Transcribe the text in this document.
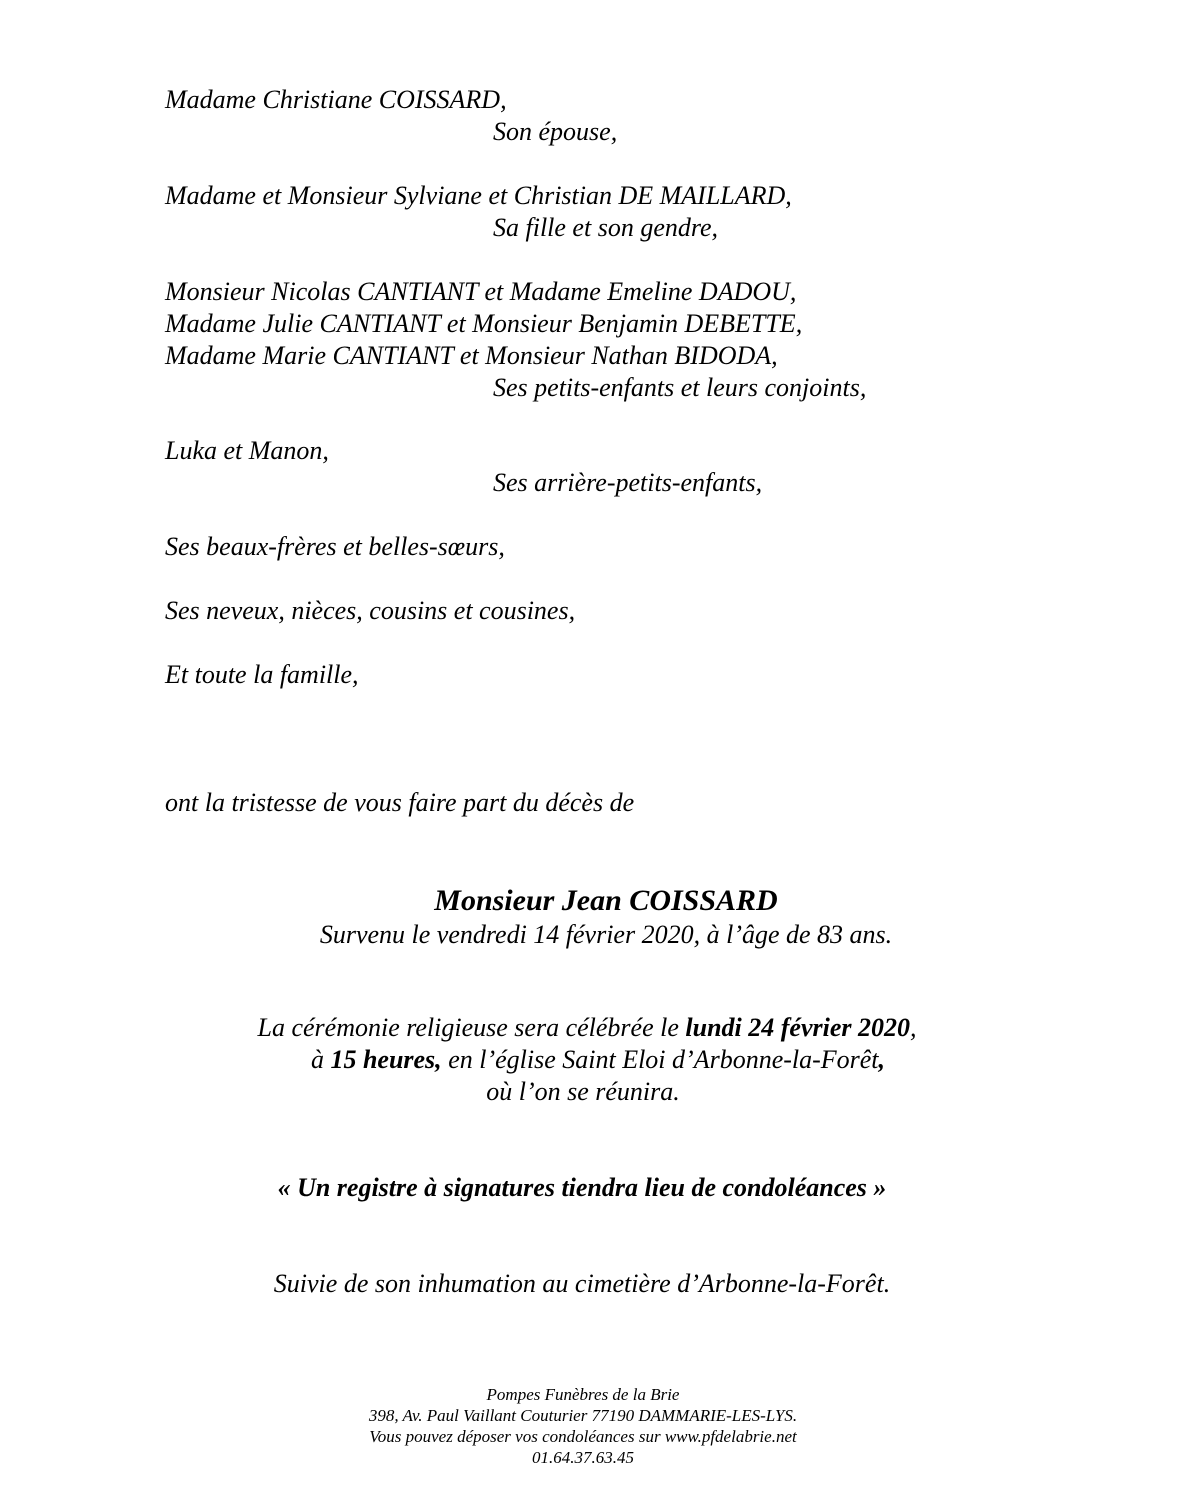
Madame Christiane COISSARD,
Son épouse,
Madame et Monsieur Sylviane et Christian DE MAILLARD,
Sa fille et son gendre,
Monsieur Nicolas CANTIANT et Madame Emeline DADOU,
Madame Julie CANTIANT et Monsieur Benjamin DEBETTE,
Madame Marie CANTIANT et Monsieur Nathan BIDODA,
Ses petits-enfants et leurs conjoints,
Luka et Manon,
Ses arrière-petits-enfants,
Ses beaux-frères et belles-sœurs,
Ses neveux, nièces, cousins et cousines,
Et toute la famille,
ont la tristesse de vous faire part du décès de
Monsieur Jean COISSARD
Survenu le vendredi 14 février 2020, à l’âge de 83 ans.
La cérémonie religieuse sera célébrée le lundi 24 février 2020,
à 15 heures, en l’église Saint Eloi d’Arbonne-la-Forêt,
où l’on se réunira.
« Un registre à signatures tiendra lieu de condoléances »
Suivie de son inhumation au cimetière d’Arbonne-la-Forêt.
Pompes Funèbres de la Brie
398, Av. Paul Vaillant Couturier 77190 DAMMARIE-LES-LYS.
Vous pouvez déposer vos condoléances sur www.pfdelabrie.net
01.64.37.63.45
